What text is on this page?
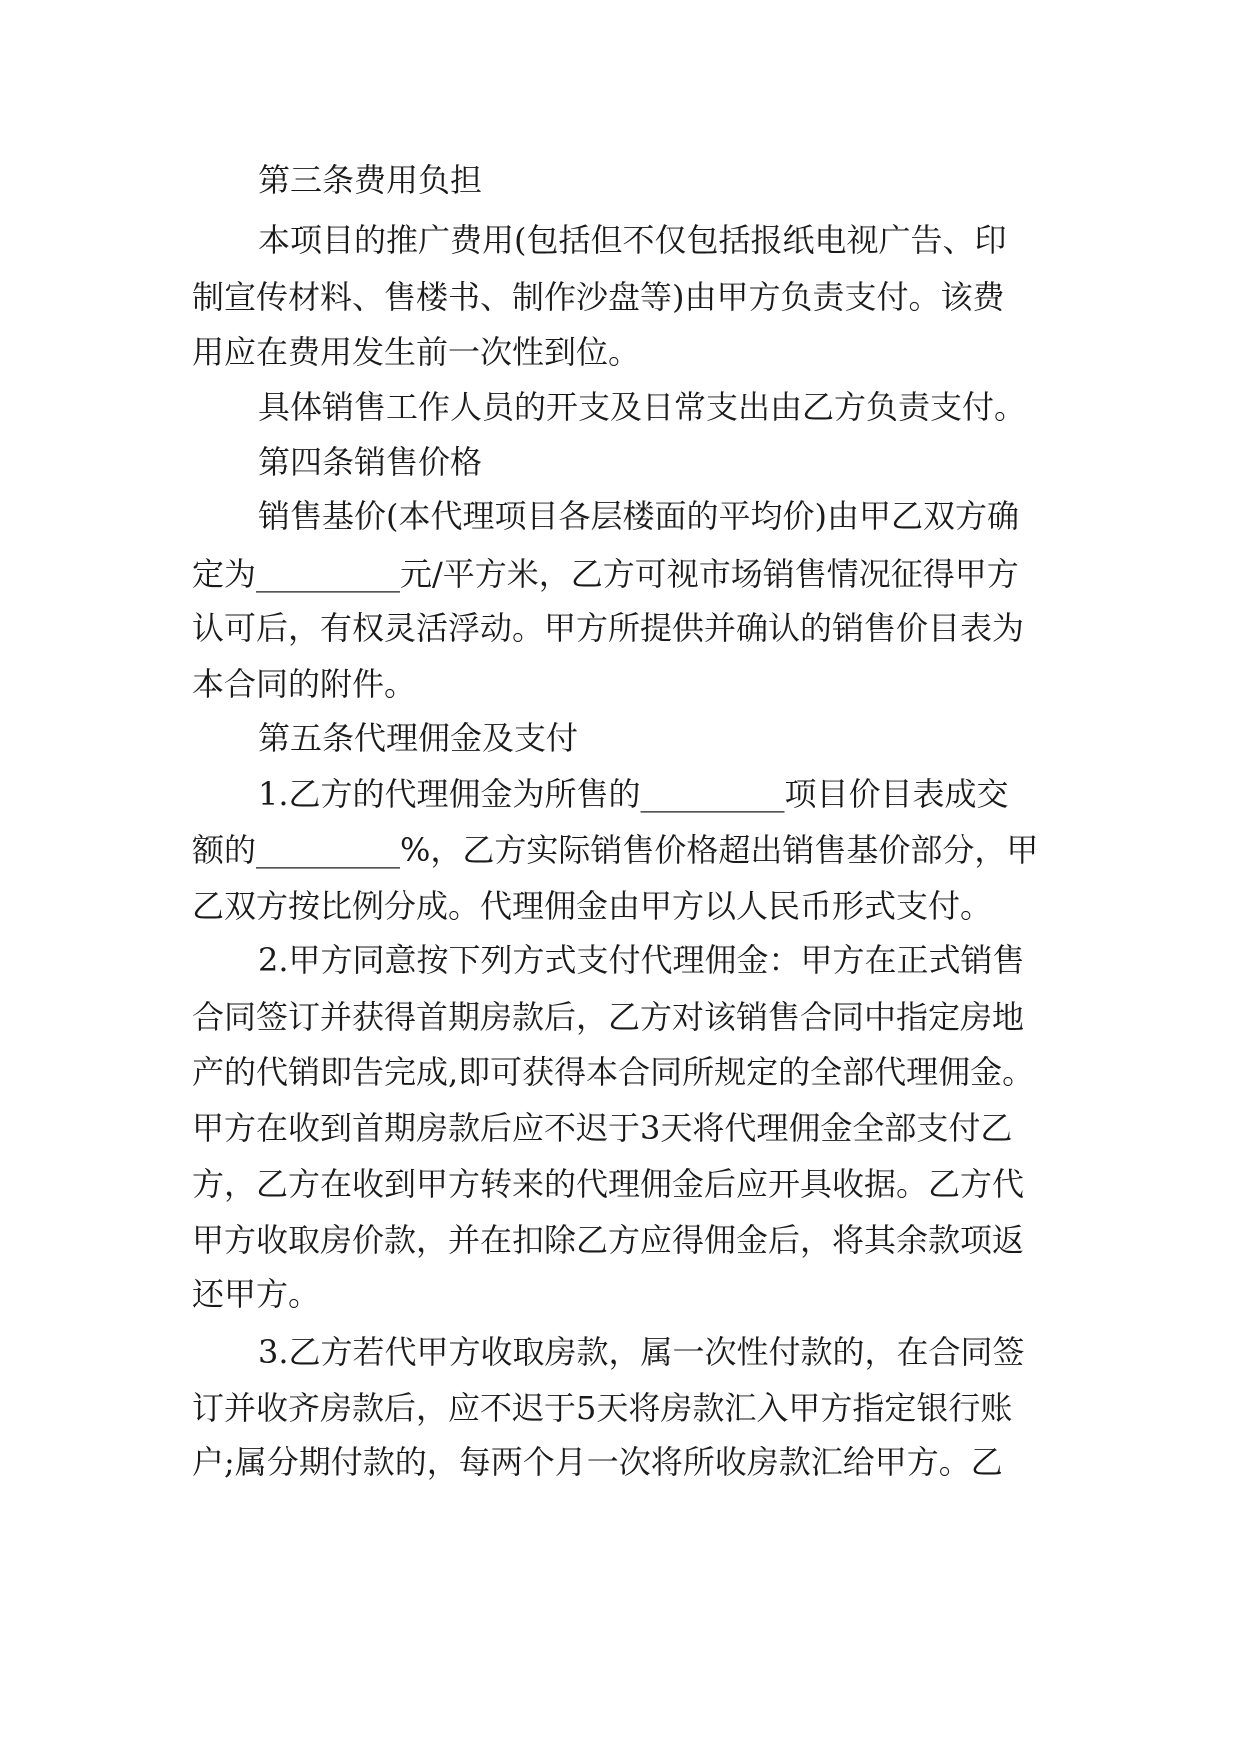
第三条费用负担
本项目的推广费用(包括但不仅包括报纸电视广告、印
制宣传材料、售楼书、制作沙盘等)由甲方负责支付。该费
用应在费用发生前一次性到位。
具体销售工作人员的开支及日常支出由乙方负责支付。
第四条销售价格
销售基价(本代理项目各层楼面的平均价)由甲乙双方确
定为_________元/平方米，乙方可视市场销售情况征得甲方
认可后，有权灵活浮动。甲方所提供并确认的销售价目表为
本合同的附件。
第五条代理佣金及支付
1.乙方的代理佣金为所售的_________项目价目表成交
额的_________%，乙方实际销售价格超出销售基价部分，甲
乙双方按比例分成。代理佣金由甲方以人民币形式支付。
2.甲方同意按下列方式支付代理佣金：甲方在正式销售
合同签订并获得首期房款后，乙方对该销售合同中指定房地
产的代销即告完成,即可获得本合同所规定的全部代理佣金。
甲方在收到首期房款后应不迟于3天将代理佣金全部支付乙
方，乙方在收到甲方转来的代理佣金后应开具收据。乙方代
甲方收取房价款，并在扣除乙方应得佣金后，将其余款项返
还甲方。
3.乙方若代甲方收取房款，属一次性付款的，在合同签
订并收齐房款后，应不迟于5天将房款汇入甲方指定银行账
户;属分期付款的，每两个月一次将所收房款汇给甲方。乙
